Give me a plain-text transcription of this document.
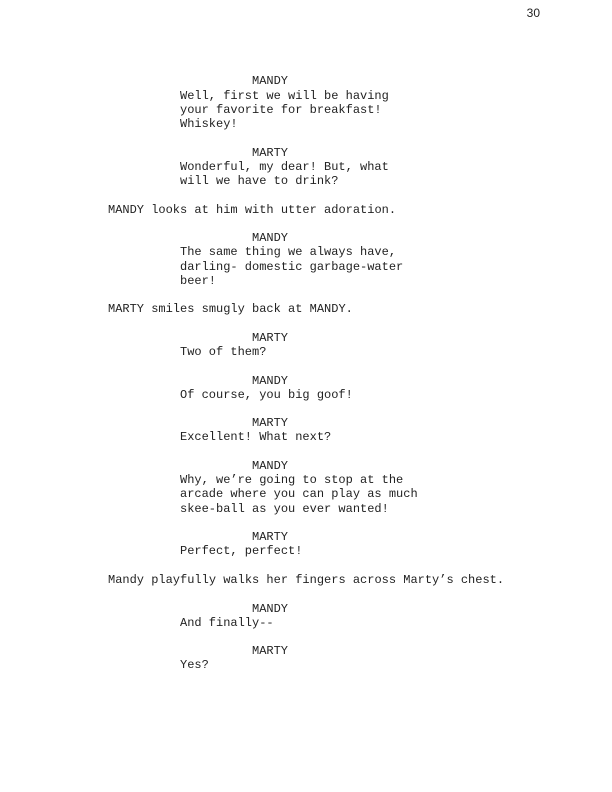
30
MANDY
Well, first we will be having
your favorite for breakfast!
Whiskey!
MARTY
Wonderful, my dear! But, what
will we have to drink?
MANDY looks at him with utter adoration.
MANDY
The same thing we always have,
darling- domestic garbage-water
beer!
MARTY smiles smugly back at MANDY.
MARTY
Two of them?
MANDY
Of course, you big goof!
MARTY
Excellent! What next?
MANDY
Why, we’re going to stop at the
arcade where you can play as much
skee-ball as you ever wanted!
MARTY
Perfect, perfect!
Mandy playfully walks her fingers across Marty’s chest.
MANDY
And finally--
MARTY
Yes?
